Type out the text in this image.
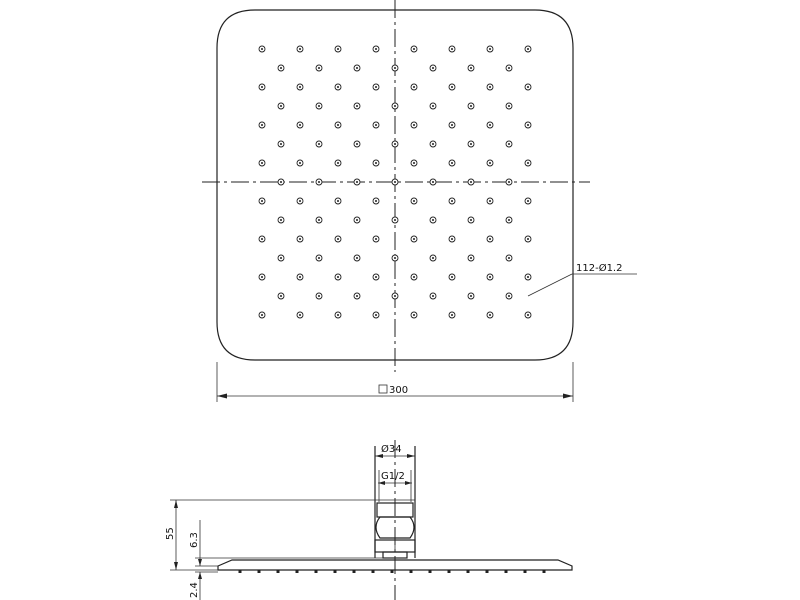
112-Ø1.2
300
Ø34
G1/2
55 6.3
2.4
